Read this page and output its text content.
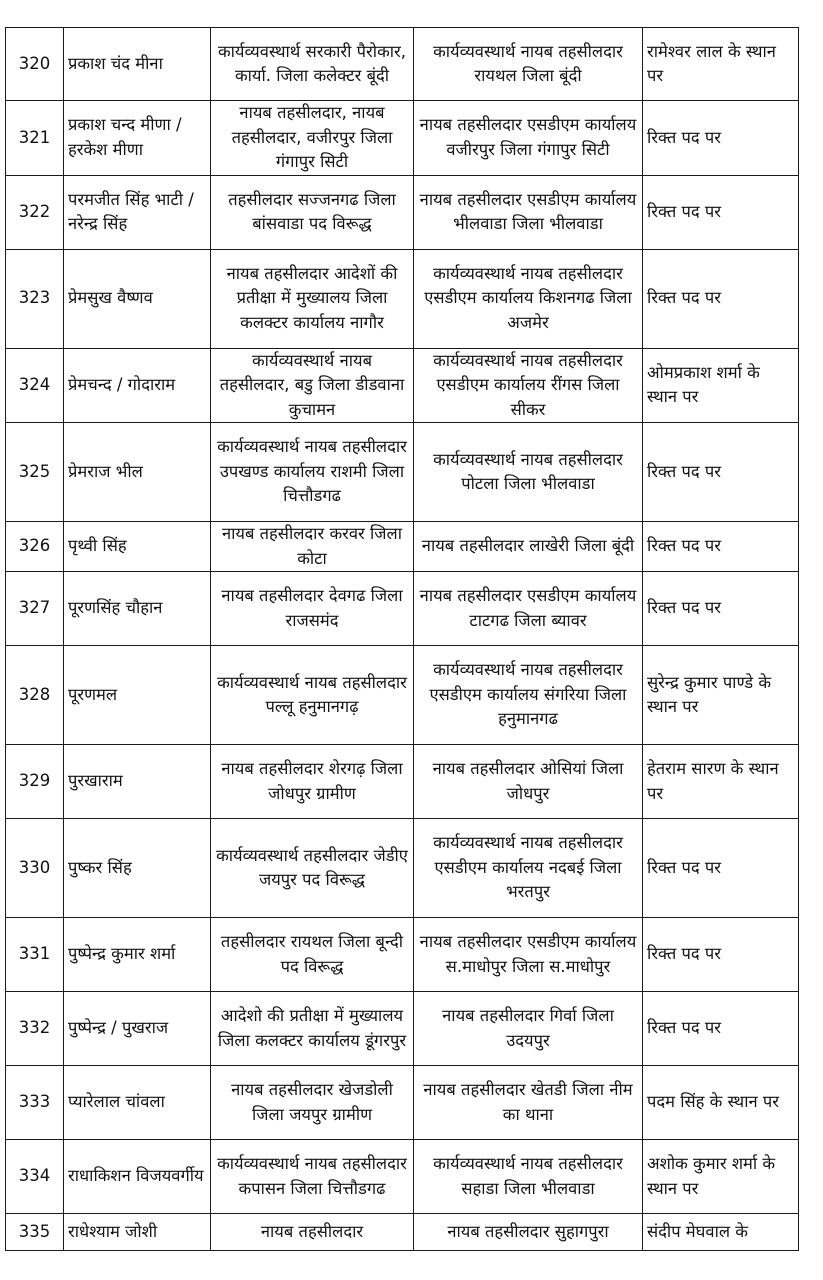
320	प्रकाश चंद मीना	कार्यव्यवस्थार्थ सरकारी पैरोकार, कार्या. जिला कलेक्टर बूंदी	कार्यव्यवस्थार्थ नायब तहसीलदार रायथल जिला बूंदी	रामेश्वर लाल के स्थान पर
321	प्रकाश चन्द मीणा / हरकेश मीणा	नायब तहसीलदार, नायब तहसीलदार, वजीरपुर जिला गंगापुर सिटी	नायब तहसीलदार एसडीएम कार्यालय वजीरपुर जिला गंगापुर सिटी	रिक्त पद पर
322	परमजीत सिंह भाटी / नरेन्द्र सिंह	तहसीलदार सज्जनगढ जिला बांसवाडा पद विरूद्ध	नायब तहसीलदार एसडीएम कार्यालय भीलवाडा जिला भीलवाडा	रिक्त पद पर
323	प्रेमसुख वैष्णव	नायब तहसीलदार आदेशों की प्रतीक्षा में मुख्यालय जिला कलक्टर कार्यालय नागौर	कार्यव्यवस्थार्थ नायब तहसीलदार एसडीएम कार्यालय किशनगढ जिला अजमेर	रिक्त पद पर
324	प्रेमचन्द / गोदाराम	कार्यव्यवस्थार्थ नायब तहसीलदार, बडु जिला डीडवाना कुचामन	कार्यव्यवस्थार्थ नायब तहसीलदार एसडीएम कार्यालय रींगस जिला सीकर	ओमप्रकाश शर्मा के स्थान पर
325	प्रेमराज भील	कार्यव्यवस्थार्थ नायब तहसीलदार उपखण्ड कार्यालय राशमी जिला चित्तौडगढ	कार्यव्यवस्थार्थ नायब तहसीलदार पोटला जिला भीलवाडा	रिक्त पद पर
326	पृथ्वी सिंह	नायब तहसीलदार करवर जिला कोटा	नायब तहसीलदार लाखेरी जिला बूंदी	रिक्त पद पर
327	पूरणसिंह चौहान	नायब तहसीलदार देवगढ जिला राजसमंद	नायब तहसीलदार एसडीएम कार्यालय टाटगढ जिला ब्यावर	रिक्त पद पर
328	पूरणमल	कार्यव्यवस्थार्थ नायब तहसीलदार पल्लू हनुमानगढ़	कार्यव्यवस्थार्थ नायब तहसीलदार एसडीएम कार्यालय संगरिया जिला हनुमानगढ	सुरेन्द्र कुमार पाण्डे के स्थान पर
329	पुरखाराम	नायब तहसीलदार शेरगढ़ जिला जोधपुर ग्रामीण	नायब तहसीलदार ओसियां जिला जोधपुर	हेतराम सारण के स्थान पर
330	पुष्कर सिंह	कार्यव्यवस्थार्थ तहसीलदार जेडीए जयपुर पद विरूद्ध	कार्यव्यवस्थार्थ नायब तहसीलदार एसडीएम कार्यालय नदबई जिला भरतपुर	रिक्त पद पर
331	पुष्पेन्द्र कुमार शर्मा	तहसीलदार रायथल जिला बून्दी पद विरूद्ध	नायब तहसीलदार एसडीएम कार्यालय स.माधोपुर जिला स.माधोपुर	रिक्त पद पर
332	पुष्पेन्द्र / पुखराज	आदेशो की प्रतीक्षा में मुख्यालय जिला कलक्टर कार्यालय डूंगरपुर	नायब तहसीलदार गिर्वा जिला उदयपुर	रिक्त पद पर
333	प्यारेलाल चांवला	नायब तहसीलदार खेजडोली जिला जयपुर ग्रामीण	नायब तहसीलदार खेतडी जिला नीम का थाना	पदम सिंह के स्थान पर
334	राधाकिशन विजयवर्गीय	कार्यव्यवस्थार्थ नायब तहसीलदार कपासन जिला चित्तौडगढ	कार्यव्यवस्थार्थ नायब तहसीलदार सहाडा जिला भीलवाडा	अशोक कुमार शर्मा के स्थान पर
335	राधेश्याम जोशी	नायब तहसीलदार	नायब तहसीलदार सुहागपुरा	संदीप मेघवाल के
